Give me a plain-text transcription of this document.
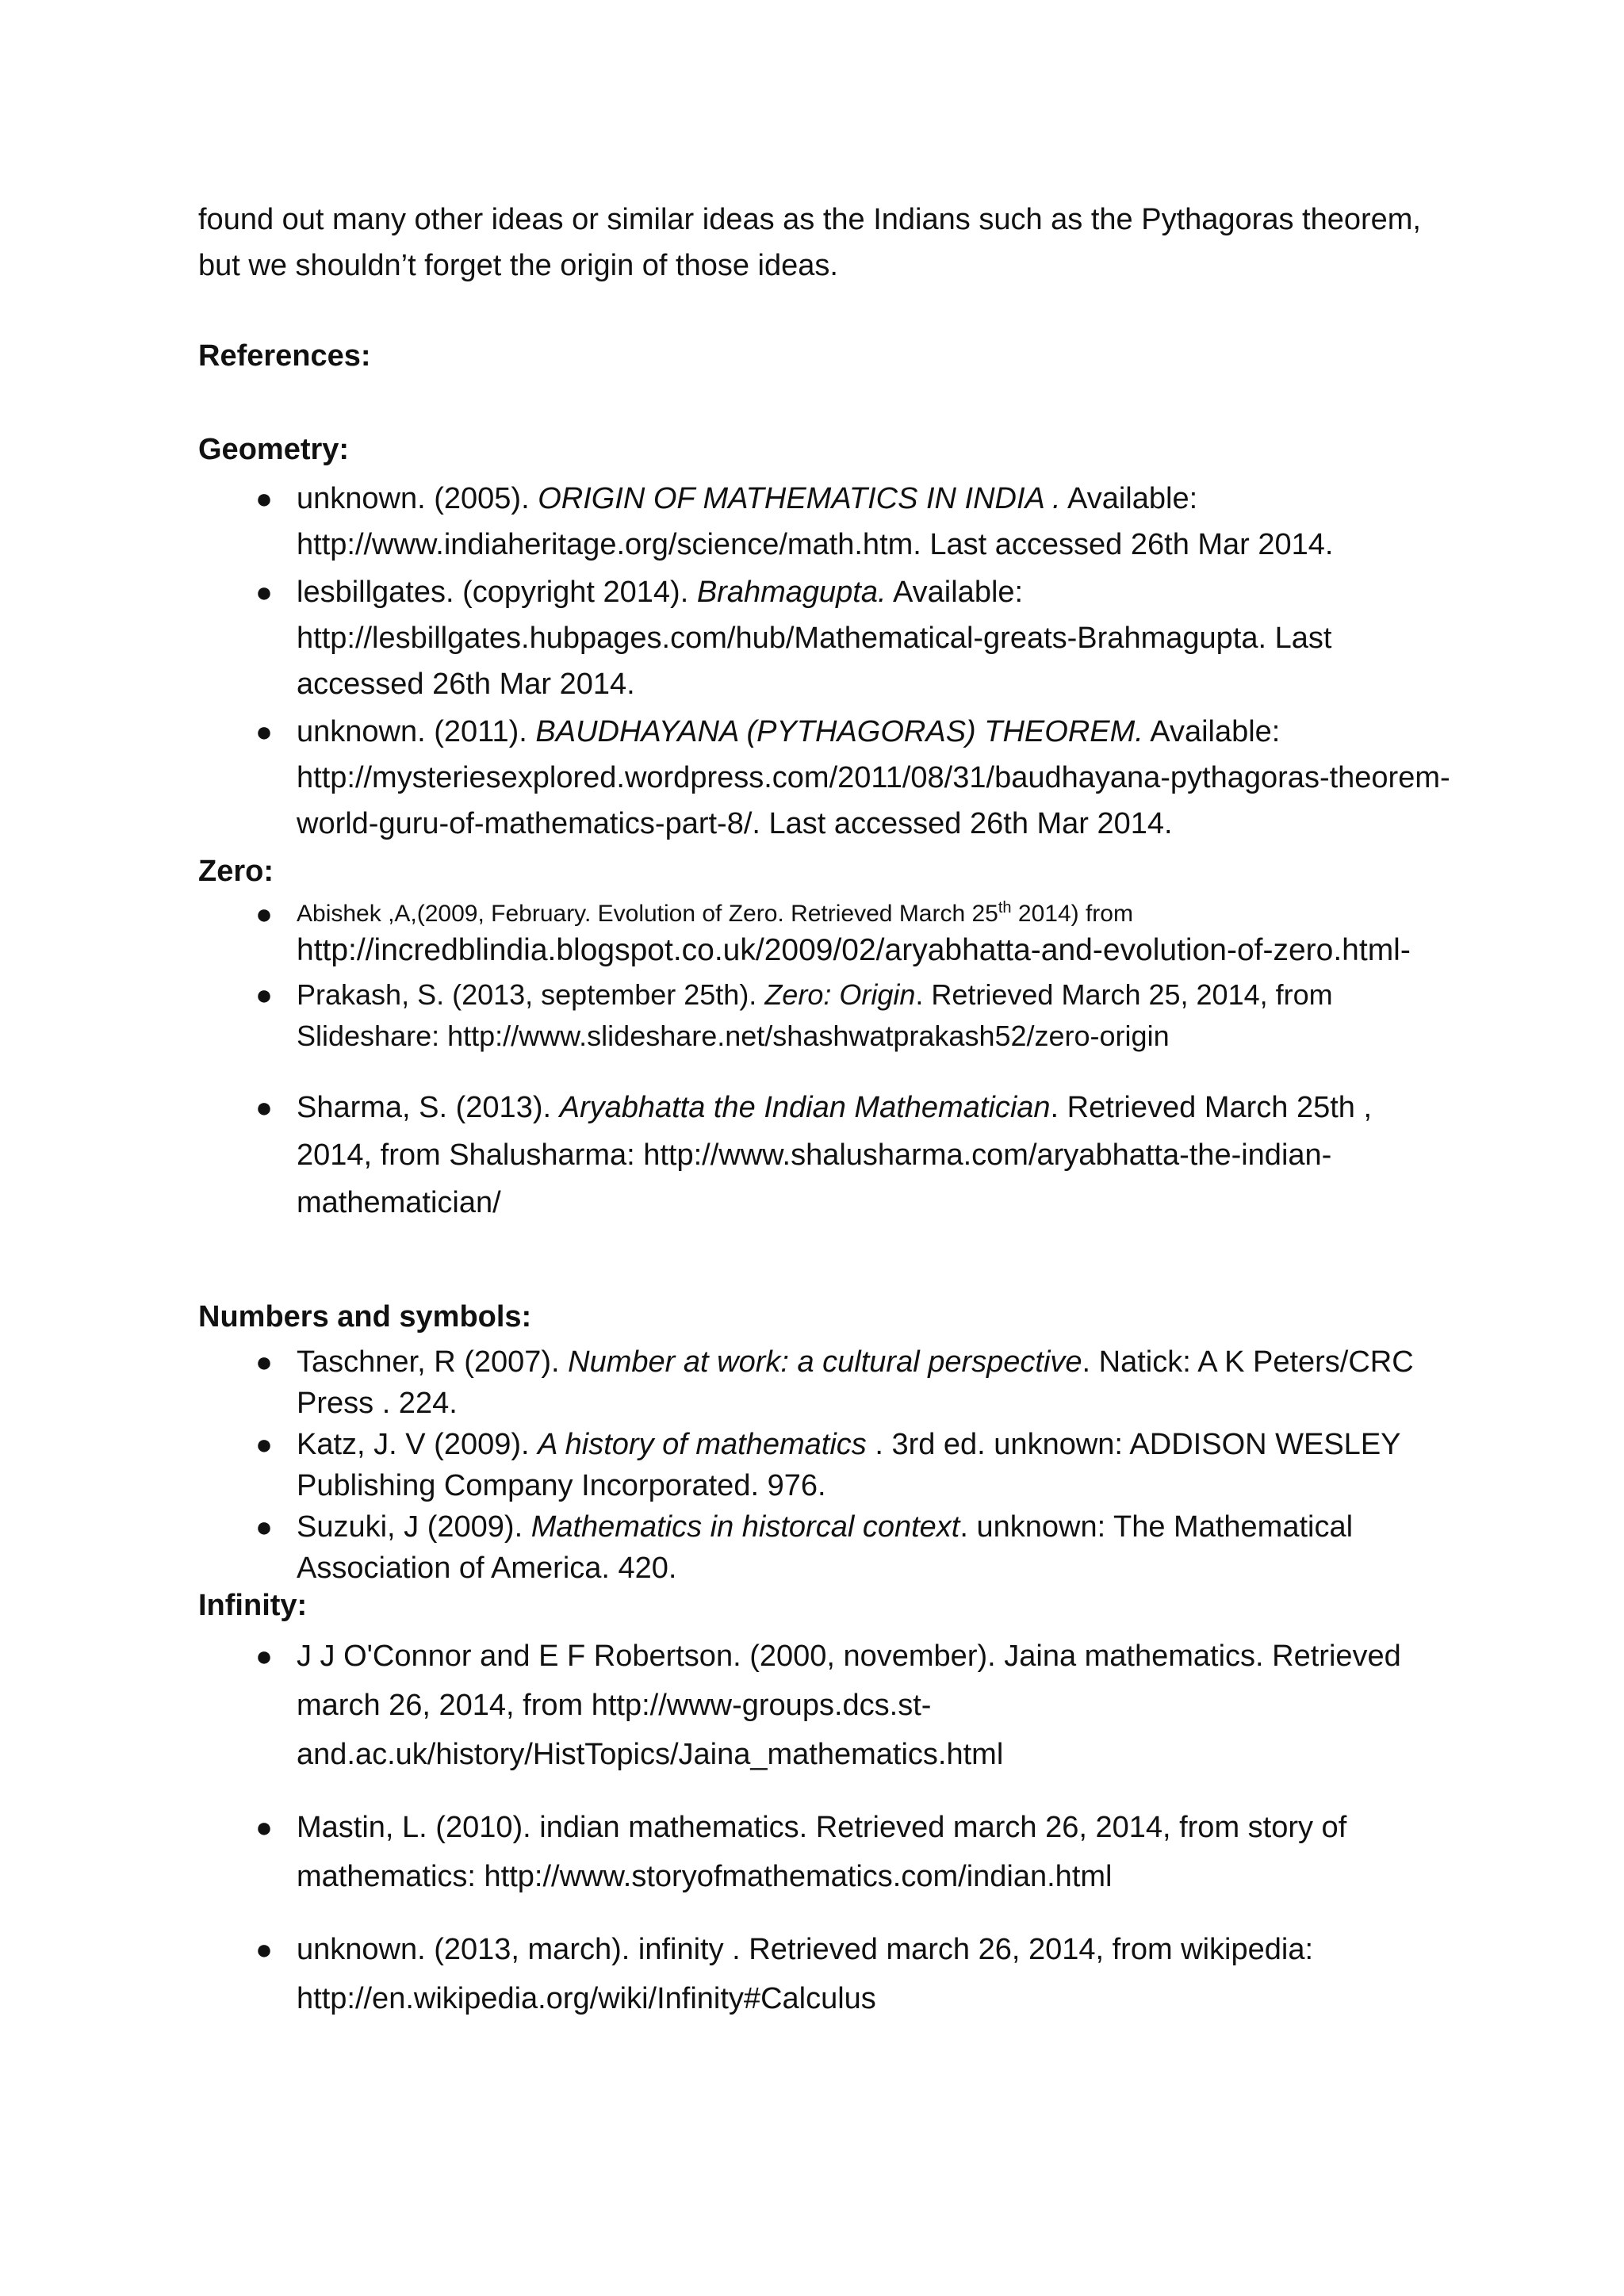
found out many other ideas or similar ideas as the Indians such as the Pythagoras theorem, but we shouldn’t forget the origin of those ideas.

References:

Geometry:

● unknown. (2005). ORIGIN OF MATHEMATICS IN INDIA . Available: http://www.indiaheritage.org/science/math.htm. Last accessed 26th Mar 2014.
● lesbillgates. (copyright 2014). Brahmagupta. Available: http://lesbillgates.hubpages.com/hub/Mathematical-greats-Brahmagupta. Last accessed 26th Mar 2014.
● unknown. (2011). BAUDHAYANA (PYTHAGORAS) THEOREM. Available: http://mysteriesexplored.wordpress.com/2011/08/31/baudhayana-pythagoras-theorem-world-guru-of-mathematics-part-8/. Last accessed 26th Mar 2014.

Zero:

● Abishek ,A,(2009, February. Evolution of Zero. Retrieved March 25th 2014) from
http://incredblindia.blogspot.co.uk/2009/02/aryabhatta-and-evolution-of-zero.html-
● Prakash, S. (2013, september 25th). Zero: Origin. Retrieved March 25, 2014, from Slideshare: http://www.slideshare.net/shashwatprakash52/zero-origin
● Sharma, S. (2013). Aryabhatta the Indian Mathematician. Retrieved March 25th , 2014, from Shalusharma: http://www.shalusharma.com/aryabhatta-the-indian-mathematician/

Numbers and symbols:

● Taschner, R (2007). Number at work: a cultural perspective. Natick: A K Peters/CRC Press . 224.
● Katz, J. V (2009). A history of mathematics . 3rd ed. unknown: ADDISON WESLEY Publishing Company Incorporated. 976.
● Suzuki, J (2009). Mathematics in historcal context. unknown: The Mathematical Association of America. 420.

Infinity:

● J J O'Connor and E F Robertson. (2000, november). Jaina mathematics. Retrieved march 26, 2014, from http://www-groups.dcs.st-and.ac.uk/history/HistTopics/Jaina_mathematics.html
● Mastin, L. (2010). indian mathematics. Retrieved march 26, 2014, from story of mathematics: http://www.storyofmathematics.com/indian.html
● unknown. (2013, march). infinity . Retrieved march 26, 2014, from wikipedia: http://en.wikipedia.org/wiki/Infinity#Calculus
